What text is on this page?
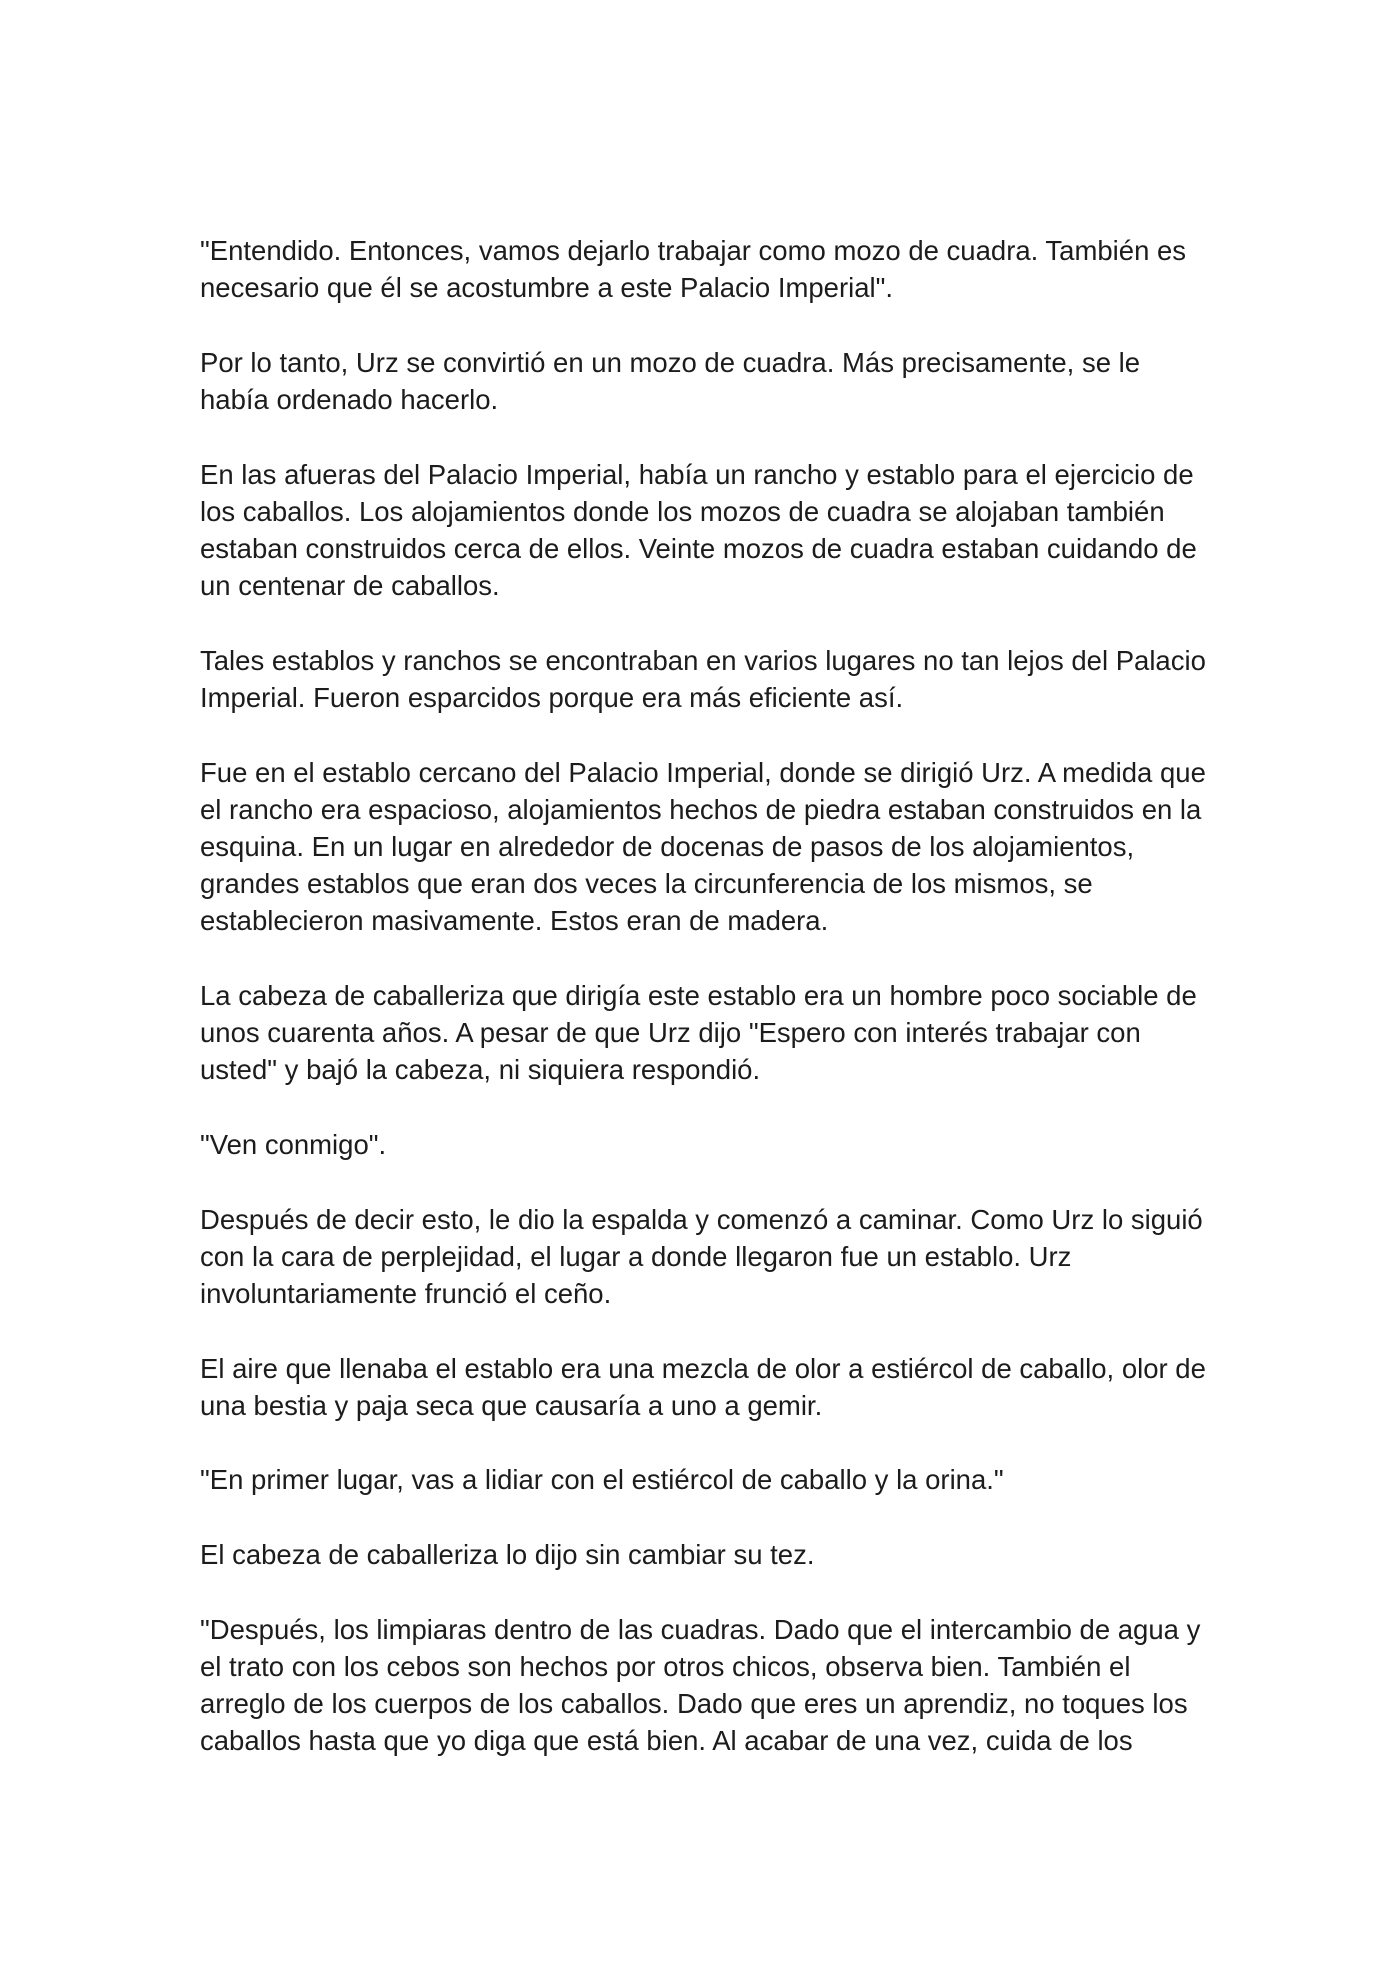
"Entendido. Entonces, vamos dejarlo trabajar como mozo de cuadra. También es necesario que él se acostumbre a este Palacio Imperial".

Por lo tanto, Urz se convirtió en un mozo de cuadra. Más precisamente, se le había ordenado hacerlo.

En las afueras del Palacio Imperial, había un rancho y establo para el ejercicio de los caballos. Los alojamientos donde los mozos de cuadra se alojaban también estaban construidos cerca de ellos. Veinte mozos de cuadra estaban cuidando de un centenar de caballos.

Tales establos y ranchos se encontraban en varios lugares no tan lejos del Palacio Imperial. Fueron esparcidos porque era más eficiente así.

Fue en el establo cercano del Palacio Imperial, donde se dirigió Urz. A medida que el rancho era espacioso, alojamientos hechos de piedra estaban construidos en la esquina. En un lugar en alrededor de docenas de pasos de los alojamientos, grandes establos que eran dos veces la circunferencia de los mismos, se establecieron masivamente. Estos eran de madera.

La cabeza de caballeriza que dirigía este establo era un hombre poco sociable de unos cuarenta años. A pesar de que Urz dijo "Espero con interés trabajar con usted" y bajó la cabeza, ni siquiera respondió.

"Ven conmigo".

Después de decir esto, le dio la espalda y comenzó a caminar. Como Urz lo siguió con la cara de perplejidad, el lugar a donde llegaron fue un establo. Urz involuntariamente frunció el ceño.

El aire que llenaba el establo era una mezcla de olor a estiércol de caballo, olor de una bestia y paja seca que causaría a uno a gemir.

"En primer lugar, vas a lidiar con el estiércol de caballo y la orina."

El cabeza de caballeriza lo dijo sin cambiar su tez.

"Después, los limpiaras dentro de las cuadras. Dado que el intercambio de agua y el trato con los cebos son hechos por otros chicos, observa bien. También el arreglo de los cuerpos de los caballos. Dado que eres un aprendiz, no toques los caballos hasta que yo diga que está bien. Al acabar de una vez, cuida de los
